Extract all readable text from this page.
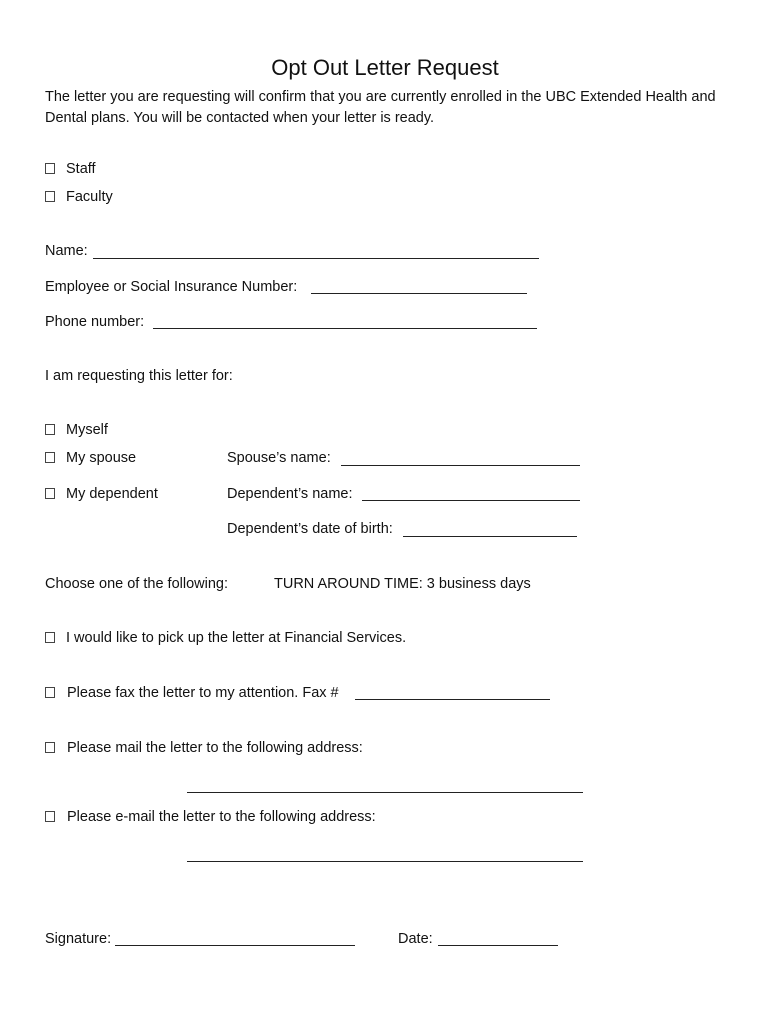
Opt Out Letter Request
The letter you are requesting will confirm that you are currently enrolled in the UBC Extended Health and Dental plans. You will be contacted when your letter is ready.
Staff
Faculty
Name:
Employee or Social Insurance Number:
Phone number:
I am requesting this letter for:
Myself
My spouse	Spouse’s name:
My dependent	Dependent’s name:
Dependent’s date of birth:
Choose one of the following:	TURN AROUND TIME: 3 business days
I would like to pick up the letter at Financial Services.
Please fax the letter to my attention. Fax #
Please mail the letter to the following address:
Please e-mail the letter to the following address:
Signature:	Date:
